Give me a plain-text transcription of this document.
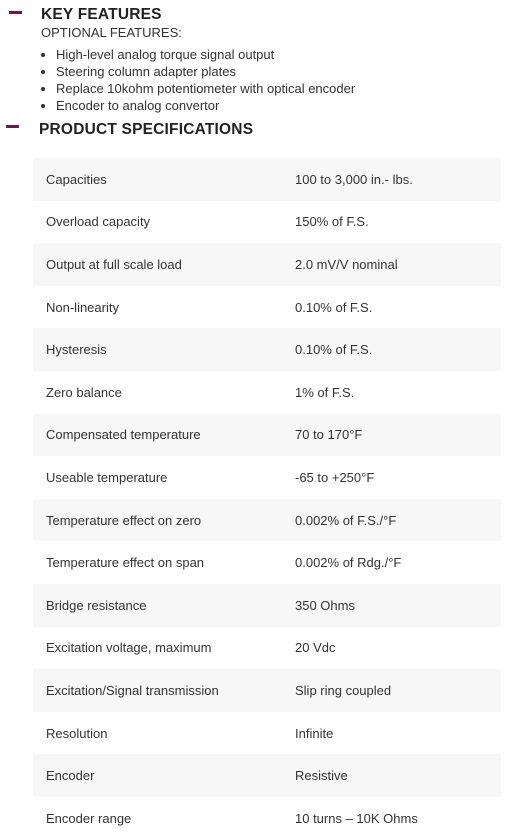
KEY FEATURES
OPTIONAL FEATURES:
• High-level analog torque signal output
• Steering column adapter plates
• Replace 10kohm potentiometer with optical encoder
• Encoder to analog convertor
PRODUCT SPECIFICATIONS
Capacities	100 to 3,000 in.- lbs.
Overload capacity	150% of F.S.
Output at full scale load	2.0 mV/V nominal
Non-linearity	0.10% of F.S.
Hysteresis	0.10% of F.S.
Zero balance	1% of F.S.
Compensated temperature	70 to 170°F
Useable temperature	-65 to +250°F
Temperature effect on zero	0.002% of F.S./°F
Temperature effect on span	0.002% of Rdg./°F
Bridge resistance	350 Ohms
Excitation voltage, maximum	20 Vdc
Excitation/Signal transmission	Slip ring coupled
Resolution	Infinite
Encoder	Resistive
Encoder range	10 turns – 10K Ohms
